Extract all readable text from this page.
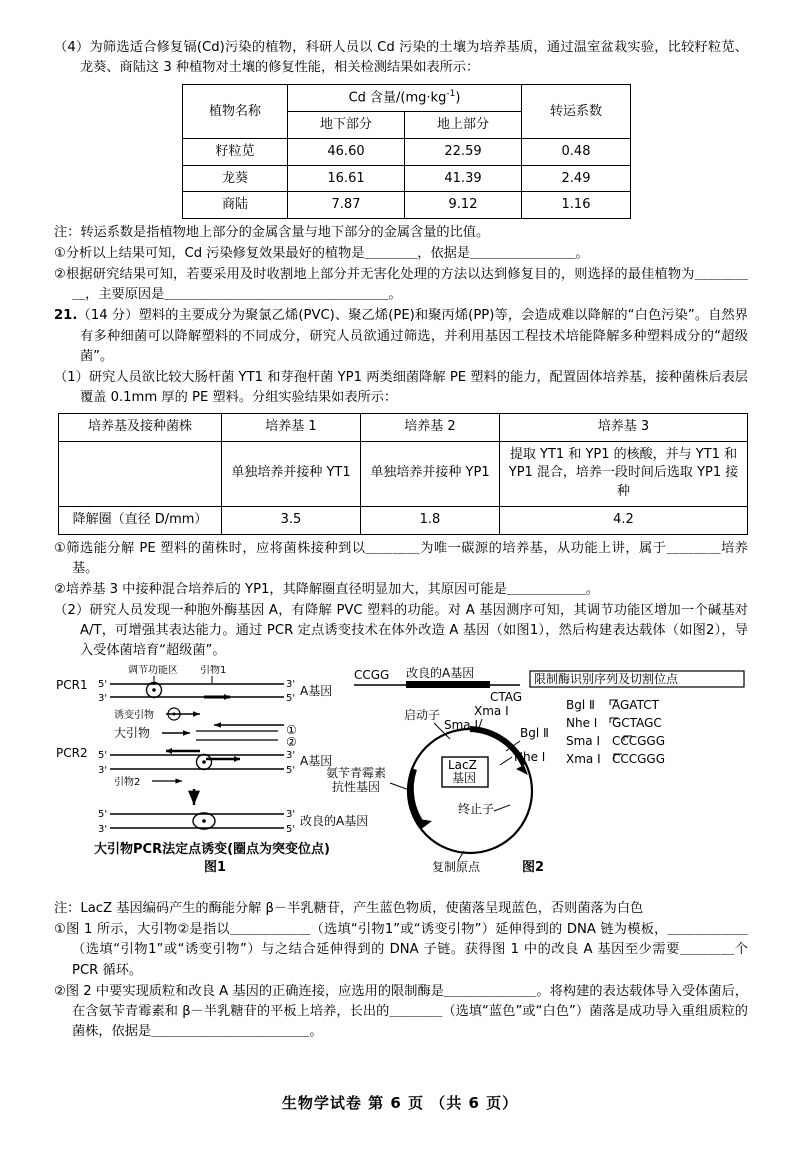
（4）为筛选适合修复镉(Cd)污染的植物，科研人员以 Cd 污染的土壤为培养基质，通过温室盆栽实验，比较籽粒苋、龙葵、商陆这 3 种植物对土壤的修复性能，相关检测结果如表所示：

植物名称	Cd 含量$/(mg\cdot kg^{-1})$		转运系数
	地下部分	地上部分	
籽粒苋	46.60	22.59	0.48
龙葵	16.61	41.39	2.49
商陆	7.87	9.12	1.16

注：转运系数是指植物地上部分的金属含量与地下部分的金属含量的比值。

①分析以上结果可知，Cd 污染修复效果最好的植物是＿＿＿＿，依据是＿＿＿＿＿＿＿＿。

②根据研究结果可知，若要采用及时收割地上部分并无害化处理的方法以达到修复目的，则选择的最佳植物为＿＿＿＿＿，主要原因是＿＿＿＿＿＿＿＿＿＿＿＿＿＿＿＿＿。

21.（14 分）塑料的主要成分为聚氯乙烯(PVC)、聚乙烯(PE)和聚丙烯(PP)等，会造成难以降解的“白色污染”。自然界有多种细菌可以降解塑料的不同成分，研究人员欲通过筛选，并利用基因工程技术培能降解多种塑料成分的“超级菌”。

（1）研究人员欲比较大肠杆菌 YT1 和芽孢杆菌 YP1 两类细菌降解 PE 塑料的能力，配置固体培养基，接种菌株后表层覆盖 0.1mm 厚的 PE 塑料。分组实验结果如表所示：

培养基及接种菌株	培养基 1	培养基 2	培养基 3
	单独培养并接种 YT1	单独培养并接种 YP1	提取 YT1 和 YP1 的核酸，并与 YT1 和 YP1 混合，培养一段时间后选取 YP1 接种
降解圈（直径 D/mm）	3.5	1.8	4.2

①筛选能分解 PE 塑料的菌株时，应将菌株接种到以＿＿＿＿为唯一碳源的培养基，从功能上讲，属于＿＿＿＿培养基。

②培养基 3 中接种混合培养后的 YP1，其降解圈直径明显加大，其原因可能是＿＿＿＿＿＿。

（2）研究人员发现一种胞外酶基因 A，有降解 PVC 塑料的功能。对 A 基因测序可知，其调节功能区增加一个碱基对 A/T，可增强其表达能力。通过 PCR 定点诱变技术在体外改造 A 基因（如图1），然后构建表达载体（如图2），导入受体菌培育“超级菌”。

PCR1
调节功能区 引物1
5'	3'
3'	5'
A基因
诱变引物
大引物	①
②
PCR2 5'	3'
3'	5'
A基因
引物2
5'	3'
3'	5'
改良的A基因
大引物PCR法定点诱变(圈点为突变位点)
图1
CCGG 改良的A基因
CTAG
限制酶识别序列及切割位点
Bgl Ⅱ AGATCT
Nhe Ⅰ GCTAGC
Sma Ⅰ CCCGGG
Xma Ⅰ CCCGGG
启动子	Xma Ⅰ
Sma Ⅰ
Bgl Ⅱ
Nhe Ⅰ
LacZ
基因
氨苄青霉素
抗性基因
终止子
复制原点	图2

注：LacZ 基因编码产生的酶能分解 β－半乳糖苷，产生蓝色物质，使菌落呈现蓝色，否则菌落为白色

①图 1 所示，大引物②是指以＿＿＿＿＿＿（选填“引物1”或“诱变引物”）延伸得到的 DNA 链为模板，＿＿＿＿＿＿（选填“引物1”或“诱变引物”）与之结合延伸得到的 DNA 子链。获得图 1 中的改良 A 基因至少需要＿＿＿＿个 PCR 循环。

②图 2 中要实现质粒和改良 A 基因的正确连接，应选用的限制酶是＿＿＿＿＿＿＿。将构建的表达载体导入受体菌后，在含氨苄青霉素和 β－半乳糖苷的平板上培养，长出的＿＿＿＿（选填“蓝色”或“白色”）菌落是成功导入重组质粒的菌株，依据是＿＿＿＿＿＿＿＿＿＿＿＿。

生物学试卷 第 6 页 （共 6 页）
